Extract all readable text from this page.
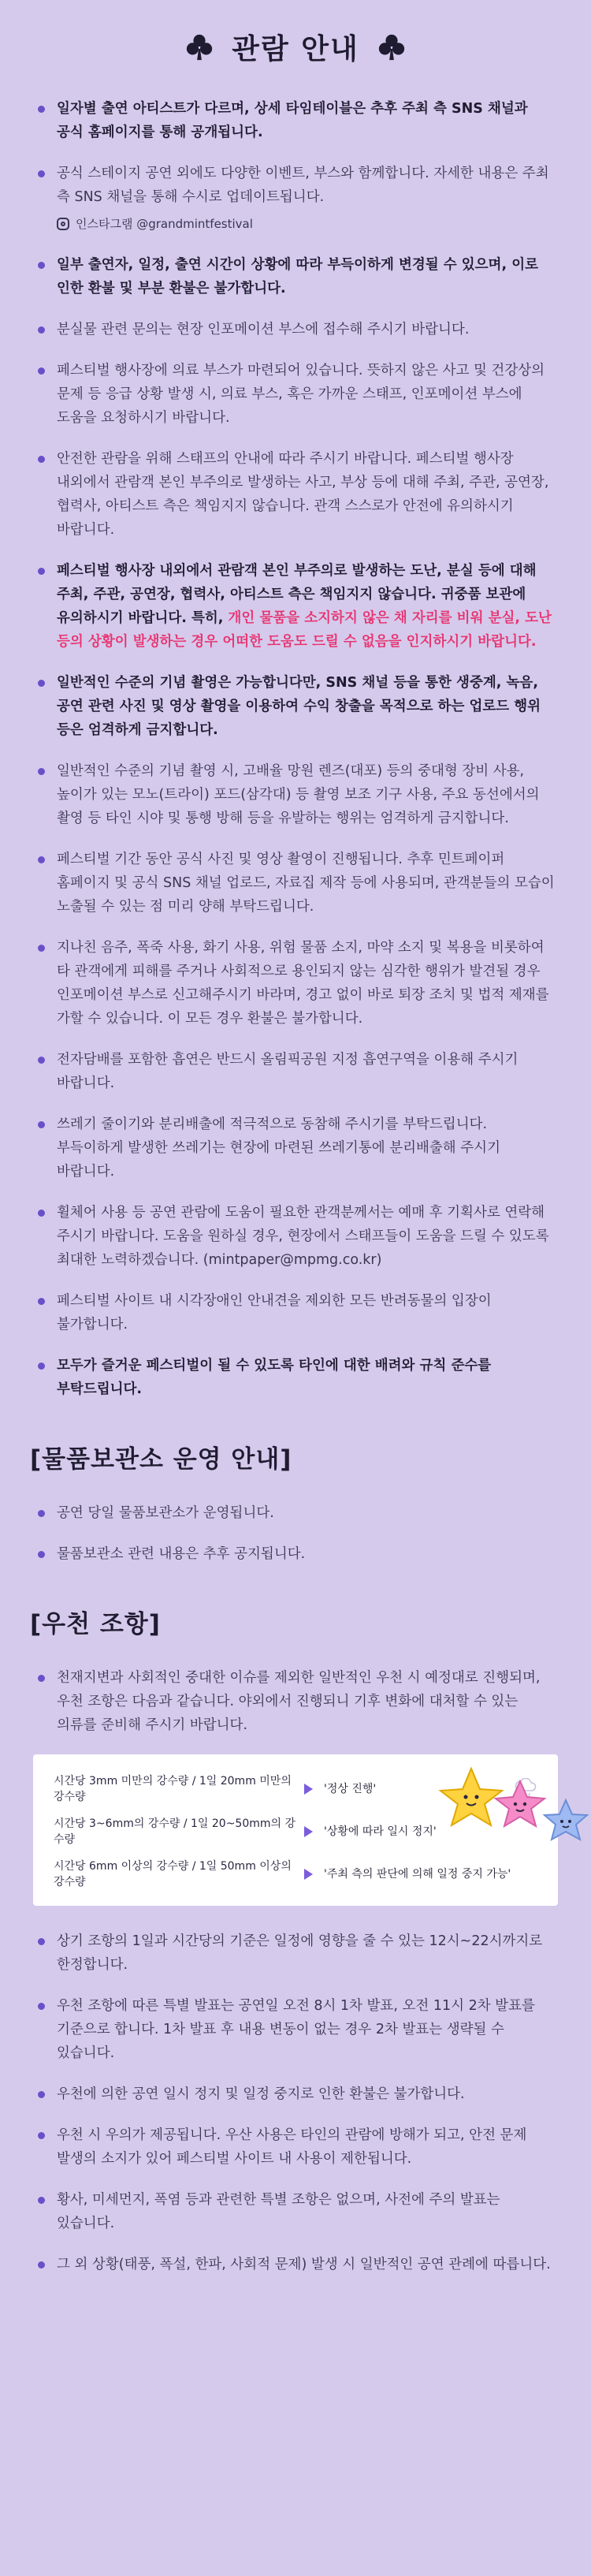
관람 안내
일자별 출연 아티스트가 다르며, 상세 타임테이블은 추후 주최 측 SNS 채널과 공식 홈페이지를 통해 공개됩니다.
공식 스테이지 공연 외에도 다양한 이벤트, 부스와 함께합니다. 자세한 내용은 주최 측 SNS 채널을 통해 수시로 업데이트됩니다.
인스타그램 @grandmintfestival
일부 출연자, 일정, 출연 시간이 상황에 따라 부득이하게 변경될 수 있으며, 이로 인한 환불 및 부분 환불은 불가합니다.
분실물 관련 문의는 현장 인포메이션 부스에 접수해 주시기 바랍니다.
페스티벌 행사장에 의료 부스가 마련되어 있습니다. 뜻하지 않은 사고 및 건강상의 문제 등 응급 상황 발생 시, 의료 부스, 혹은 가까운 스태프, 인포메이션 부스에 도움을 요청하시기 바랍니다.
안전한 관람을 위해 스태프의 안내에 따라 주시기 바랍니다. 페스티벌 행사장 내외에서 관람객 본인 부주의로 발생하는 사고, 부상 등에 대해 주최, 주관, 공연장, 협력사, 아티스트 측은 책임지지 않습니다. 관객 스스로가 안전에 유의하시기 바랍니다.
페스티벌 행사장 내외에서 관람객 본인 부주의로 발생하는 도난, 분실 등에 대해 주최, 주관, 공연장, 협력사, 아티스트 측은 책임지지 않습니다. 귀중품 보관에 유의하시기 바랍니다. 특히, 개인 물품을 소지하지 않은 채 자리를 비워 분실, 도난 등의 상황이 발생하는 경우 어떠한 도움도 드릴 수 없음을 인지하시기 바랍니다.
일반적인 수준의 기념 촬영은 가능합니다만, SNS 채널 등을 통한 생중계, 녹음, 공연 관련 사진 및 영상 촬영을 이용하여 수익 창출을 목적으로 하는 업로드 행위 등은 엄격하게 금지합니다.
일반적인 수준의 기념 촬영 시, 고배율 망원 렌즈(대포) 등의 중대형 장비 사용, 높이가 있는 모노(트라이) 포드(삼각대) 등 촬영 보조 기구 사용, 주요 동선에서의 촬영 등 타인 시야 및 통행 방해 등을 유발하는 행위는 엄격하게 금지합니다.
페스티벌 기간 동안 공식 사진 및 영상 촬영이 진행됩니다. 추후 민트페이퍼 홈페이지 및 공식 SNS 채널 업로드, 자료집 제작 등에 사용되며, 관객분들의 모습이 노출될 수 있는 점 미리 양해 부탁드립니다.
지나친 음주, 폭죽 사용, 화기 사용, 위험 물품 소지, 마약 소지 및 복용을 비롯하여 타 관객에게 피해를 주거나 사회적으로 용인되지 않는 심각한 행위가 발견될 경우 인포메이션 부스로 신고해주시기 바라며, 경고 없이 바로 퇴장 조치 및 법적 제재를 가할 수 있습니다. 이 모든 경우 환불은 불가합니다.
전자담배를 포함한 흡연은 반드시 올림픽공원 지정 흡연구역을 이용해 주시기 바랍니다.
쓰레기 줄이기와 분리배출에 적극적으로 동참해 주시기를 부탁드립니다. 부득이하게 발생한 쓰레기는 현장에 마련된 쓰레기통에 분리배출해 주시기 바랍니다.
휠체어 사용 등 공연 관람에 도움이 필요한 관객분께서는 예매 후 기획사로 연락해 주시기 바랍니다. 도움을 원하실 경우, 현장에서 스태프들이 도움을 드릴 수 있도록 최대한 노력하겠습니다. (mintpaper@mpmg.co.kr)
페스티벌 사이트 내 시각장애인 안내견을 제외한 모든 반려동물의 입장이 불가합니다.
모두가 즐거운 페스티벌이 될 수 있도록 타인에 대한 배려와 규칙 준수를 부탁드립니다.
[물품보관소 운영 안내]
공연 당일 물품보관소가 운영됩니다.
물품보관소 관련 내용은 추후 공지됩니다.
[우천 조항]
천재지변과 사회적인 중대한 이슈를 제외한 일반적인 우천 시 예정대로 진행되며, 우천 조항은 다음과 같습니다. 야외에서 진행되니 기후 변화에 대처할 수 있는 의류를 준비해 주시기 바랍니다.
시간당 3mm 미만의 강수량 / 1일 20mm 미만의 강수량
'정상 진행'
시간당 3~6mm의 강수량 / 1일 20~50mm의 강수량
'상황에 따라 일시 정지'
시간당 6mm 이상의 강수량 / 1일 50mm 이상의 강수량
'주최 측의 판단에 의해 일정 중지 가능'
상기 조항의 1일과 시간당의 기준은 일정에 영향을 줄 수 있는 12시~22시까지로 한정합니다.
우천 조항에 따른 특별 발표는 공연일 오전 8시 1차 발표, 오전 11시 2차 발표를 기준으로 합니다. 1차 발표 후 내용 변동이 없는 경우 2차 발표는 생략될 수 있습니다.
우천에 의한 공연 일시 정지 및 일정 중지로 인한 환불은 불가합니다.
우천 시 우의가 제공됩니다. 우산 사용은 타인의 관람에 방해가 되고, 안전 문제 발생의 소지가 있어 페스티벌 사이트 내 사용이 제한됩니다.
황사, 미세먼지, 폭염 등과 관련한 특별 조항은 없으며, 사전에 주의 발표는 있습니다.
그 외 상황(태풍, 폭설, 한파, 사회적 문제) 발생 시 일반적인 공연 관례에 따릅니다.
